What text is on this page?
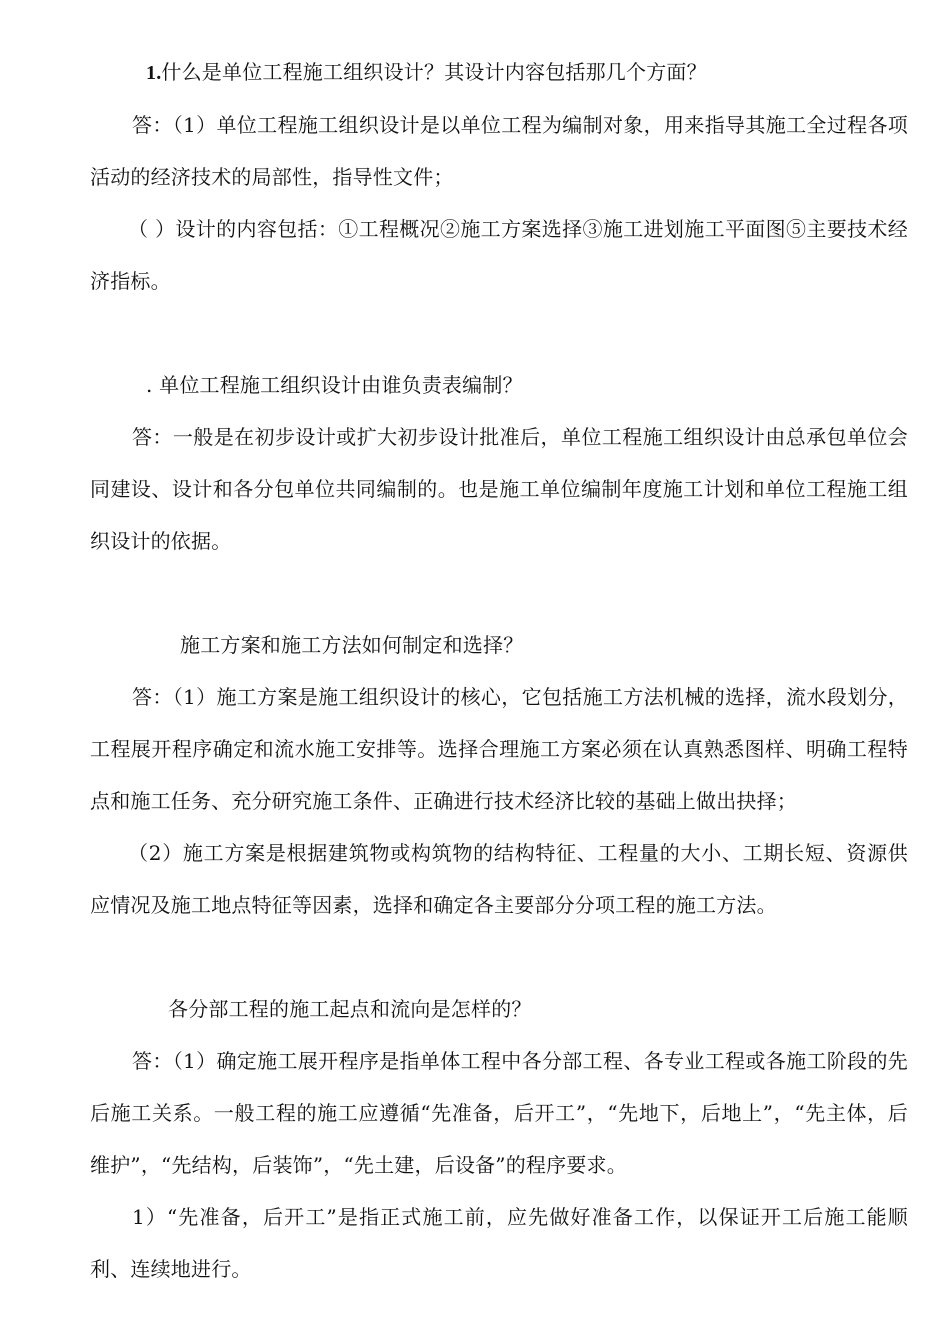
1.什么是单位工程施工组织设计？其设计内容包括那几个方面？

答：（1）单位工程施工组织设计是以单位工程为编制对象，用来指导其施工全过程各项活动的经济技术的局部性，指导性文件；

（ ）设计的内容包括：①工程概况②施工方案选择③施工进划施工平面图⑤主要技术经济指标。

. 单位工程施工组织设计由谁负责表编制？

答：一般是在初步设计或扩大初步设计批准后，单位工程施工组织设计由总承包单位会同建设、设计和各分包单位共同编制的。也是施工单位编制年度施工计划和单位工程施工组织设计的依据。

施工方案和施工方法如何制定和选择？

答：（1）施工方案是施工组织设计的核心，它包括施工方法机械的选择，流水段划分，工程展开程序确定和流水施工安排等。选择合理施工方案必须在认真熟悉图样、明确工程特点和施工任务、充分研究施工条件、正确进行技术经济比较的基础上做出抉择；

（2）施工方案是根据建筑物或构筑物的结构特征、工程量的大小、工期长短、资源供应情况及施工地点特征等因素，选择和确定各主要部分分项工程的施工方法。

各分部工程的施工起点和流向是怎样的？

答：（1）确定施工展开程序是指单体工程中各分部工程、各专业工程或各施工阶段的先后施工关系。一般工程的施工应遵循“先准备，后开工”，“先地下，后地上”，“先主体，后维护”，“先结构，后装饰”，“先土建，后设备”的程序要求。

1）“先准备，后开工”是指正式施工前，应先做好准备工作，以保证开工后施工能顺利、连续地进行。
